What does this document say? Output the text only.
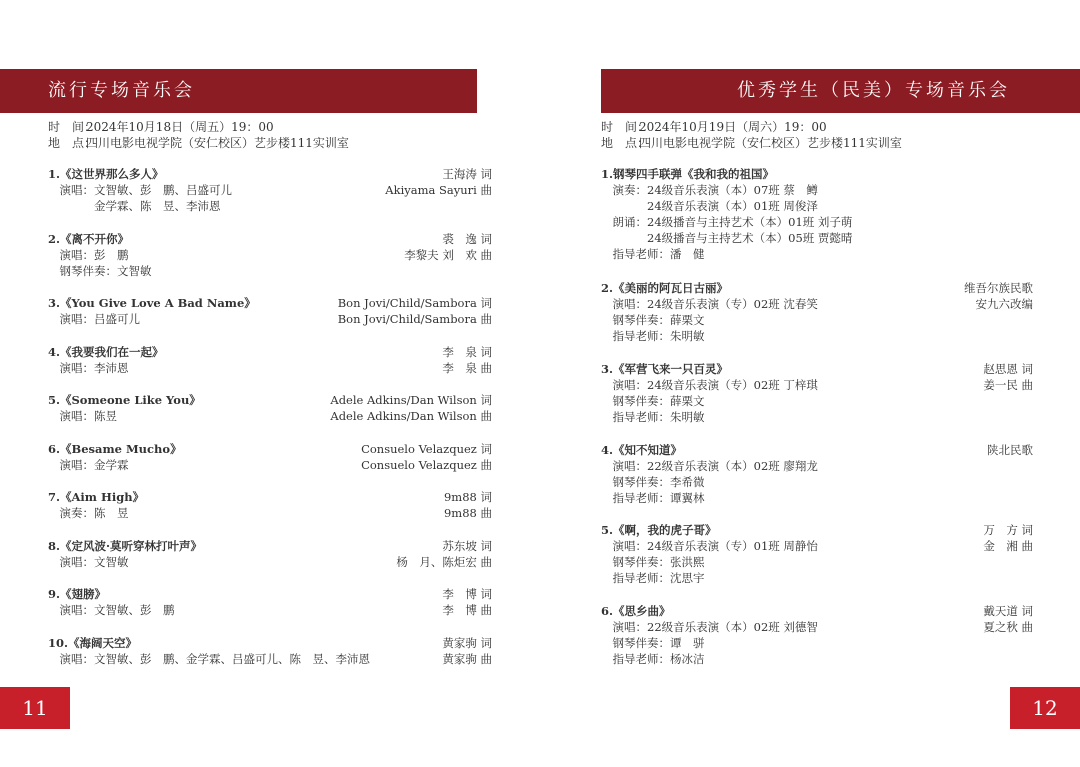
流行专场音乐会
时　间：2024年10月18日（周五）19：00
地　点：四川电影电视学院（安仁校区）艺步楼111实训室
1.《这世界那么多人》	王海涛 词
　演唱：文智敏、彭　鹏、吕盛可儿	Akiyama Sayuri 曲
　　　　金学霖、陈　昱、李沛恩
2.《离不开你》	裘　逸 词
　演唱：彭　鹏	李黎夫 刘　欢 曲
　钢琴伴奏：文智敏
3.《You Give Love A Bad Name》	Bon Jovi/Child/Sambora 词
　演唱：吕盛可儿	Bon Jovi/Child/Sambora 曲
4.《我要我们在一起》	李　泉 词
　演唱：李沛恩	李　泉 曲
5.《Someone Like You》	Adele Adkins/Dan Wilson 词
　演唱：陈昱	Adele Adkins/Dan Wilson 曲
6.《Besame Mucho》	Consuelo Velazquez 词
　演唱：金学霖	Consuelo Velazquez 曲
7.《Aim High》	9m88 词
　演奏：陈　昱	9m88 曲
8.《定风波·莫听穿林打叶声》	苏东坡 词
　演唱：文智敏	杨　月、陈炬宏 曲
9.《翅膀》	李　博 词
　演唱：文智敏、彭　鹏	李　博 曲
10.《海阔天空》	黄家驹 词
　演唱：文智敏、彭　鹏、金学霖、吕盛可儿、陈　昱、李沛恩	黄家驹 曲
11
优秀学生（民美）专场音乐会
时　间：2024年10月19日（周六）19：00
地　点：四川电影电视学院（安仁校区）艺步楼111实训室
1.钢琴四手联弹《我和我的祖国》
　演奏：24级音乐表演（本）07班 蔡　鳟
　　　　24级音乐表演（本）01班 周俊泽
　朗诵：24级播音与主持艺术（本）01班 刘子萌
　　　　24级播音与主持艺术（本）05班 贾懿晴
　指导老师：潘　健
2.《美丽的阿瓦日古丽》	维吾尔族民歌
　演唱：24级音乐表演（专）02班 沈春笑	安九六改编
　钢琴伴奏：薛栗文
　指导老师：朱明敏
3.《军营飞来一只百灵》	赵思恩 词
　演唱：24级音乐表演（专）02班 丁梓琪	姜一民 曲
　钢琴伴奏：薛栗文
　指导老师：朱明敏
4.《知不知道》	陕北民歌
　演唱：22级音乐表演（本）02班 廖翔龙
　钢琴伴奏：李希微
　指导老师：谭翼林
5.《啊，我的虎子哥》	万　方 词
　演唱：24级音乐表演（专）01班 周静怡	金　湘 曲
　钢琴伴奏：张洪熙
　指导老师：沈思宇
6.《思乡曲》	戴天道 词
　演唱：22级音乐表演（本）02班 刘德智	夏之秋 曲
　钢琴伴奏：谭　骈
　指导老师：杨冰洁
12
